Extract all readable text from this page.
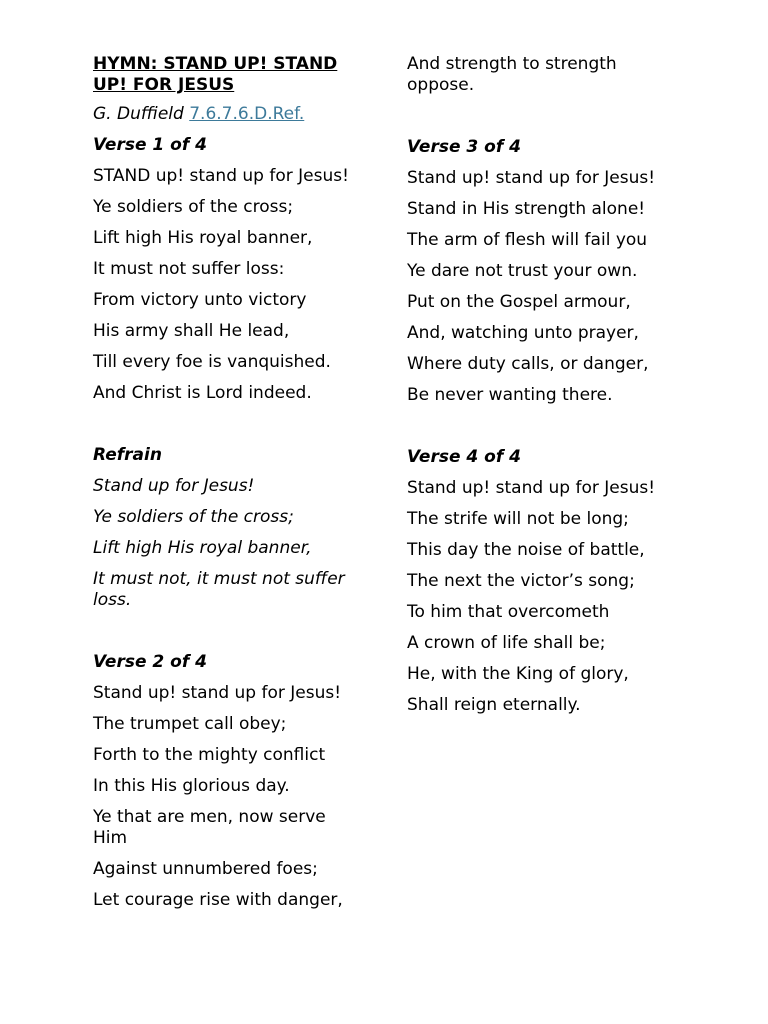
HYMN: STAND UP! STAND UP! FOR JESUS
G. Duffield 7.6.7.6.D.Ref.
Verse 1 of 4
STAND up! stand up for Jesus!
Ye soldiers of the cross;
Lift high His royal banner,
It must not suffer loss:
From victory unto victory
His army shall He lead,
Till every foe is vanquished.
And Christ is Lord indeed.
Refrain
Stand up for Jesus!
Ye soldiers of the cross;
Lift high His royal banner,
It must not, it must not suffer loss.
Verse 2 of 4
Stand up! stand up for Jesus!
The trumpet call obey;
Forth to the mighty conflict
In this His glorious day.
Ye that are men, now serve Him
Against unnumbered foes;
Let courage rise with danger,
And strength to strength oppose.
Verse 3 of 4
Stand up! stand up for Jesus!
Stand in His strength alone!
The arm of flesh will fail you
Ye dare not trust your own.
Put on the Gospel armour,
And, watching unto prayer,
Where duty calls, or danger,
Be never wanting there.
Verse 4 of 4
Stand up! stand up for Jesus!
The strife will not be long;
This day the noise of battle,
The next the victor’s song;
To him that overcometh
A crown of life shall be;
He, with the King of glory,
Shall reign eternally.
